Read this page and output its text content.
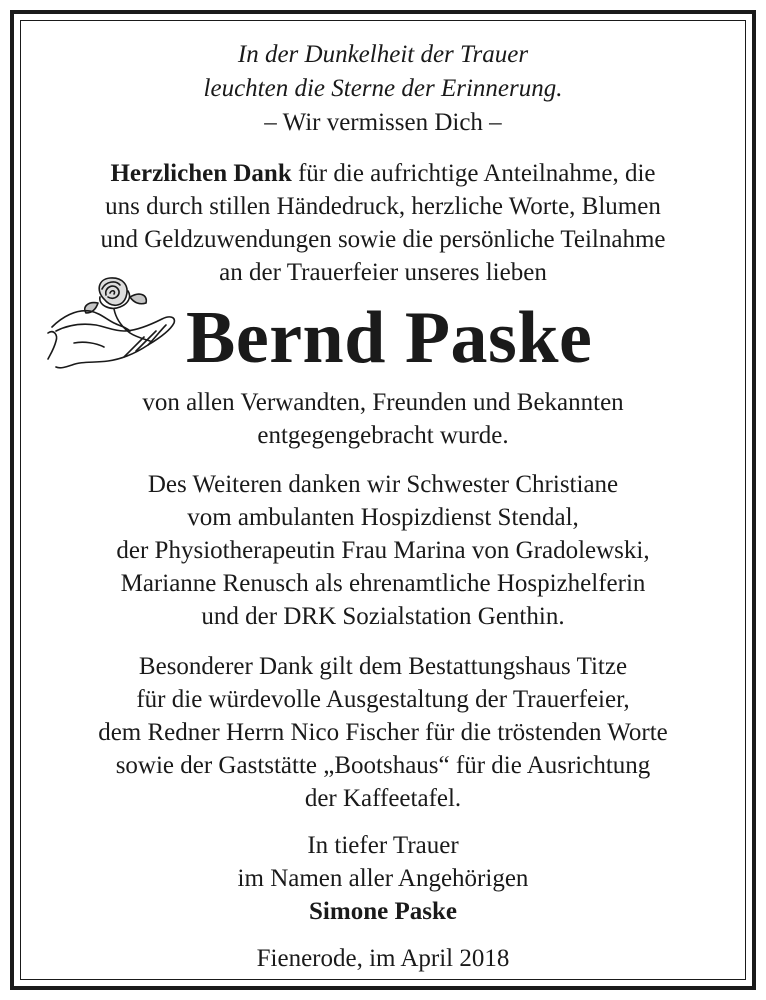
In der Dunkelheit der Trauer
leuchten die Sterne der Erinnerung.
– Wir vermissen Dich –
Herzlichen Dank für die aufrichtige Anteilnahme, die
uns durch stillen Händedruck, herzliche Worte, Blumen
und Geldzuwendungen sowie die persönliche Teilnahme
an der Trauerfeier unseres lieben
Bernd Paske
von allen Verwandten, Freunden und Bekannten
entgegengebracht wurde.
Des Weiteren danken wir Schwester Christiane
vom ambulanten Hospizdienst Stendal,
der Physiotherapeutin Frau Marina von Gradolewski,
Marianne Renusch als ehrenamtliche Hospizhelferin
und der DRK Sozialstation Genthin.
Besonderer Dank gilt dem Bestattungshaus Titze
für die würdevolle Ausgestaltung der Trauerfeier,
dem Redner Herrn Nico Fischer für die tröstenden Worte
sowie der Gaststätte „Bootshaus“ für die Ausrichtung
der Kaffeetafel.
In tiefer Trauer
im Namen aller Angehörigen
Simone Paske
Fienerode, im April 2018
